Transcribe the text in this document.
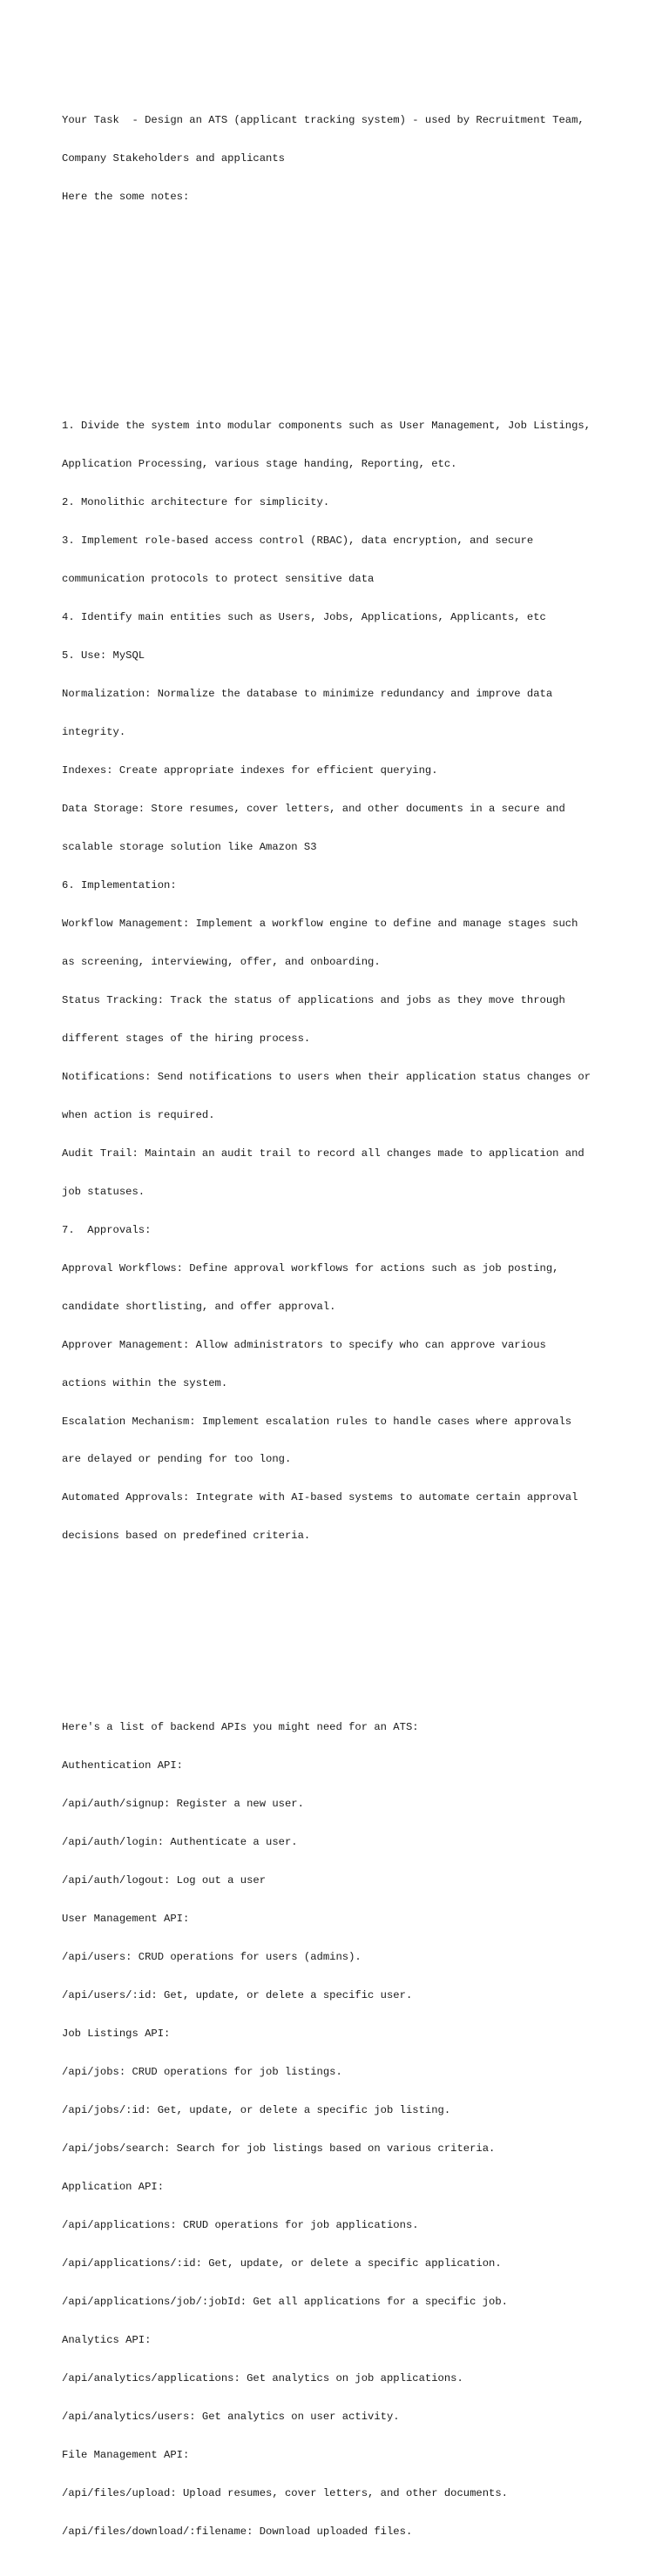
Your Task  - Design an ATS (applicant tracking system) - used by Recruitment Team,

Company Stakeholders and applicants

Here the some notes:

1. Divide the system into modular components such as User Management, Job Listings,

Application Processing, various stage handing, Reporting, etc.

2. Monolithic architecture for simplicity.

3. Implement role-based access control (RBAC), data encryption, and secure

communication protocols to protect sensitive data

4. Identify main entities such as Users, Jobs, Applications, Applicants, etc

5. Use: MySQL

Normalization: Normalize the database to minimize redundancy and improve data

integrity.

Indexes: Create appropriate indexes for efficient querying.

Data Storage: Store resumes, cover letters, and other documents in a secure and

scalable storage solution like Amazon S3

6. Implementation:

Workflow Management: Implement a workflow engine to define and manage stages such

as screening, interviewing, offer, and onboarding.

Status Tracking: Track the status of applications and jobs as they move through

different stages of the hiring process.

Notifications: Send notifications to users when their application status changes or

when action is required.

Audit Trail: Maintain an audit trail to record all changes made to application and

job statuses.

7.  Approvals:

Approval Workflows: Define approval workflows for actions such as job posting,

candidate shortlisting, and offer approval.

Approver Management: Allow administrators to specify who can approve various

actions within the system.

Escalation Mechanism: Implement escalation rules to handle cases where approvals

are delayed or pending for too long.

Automated Approvals: Integrate with AI-based systems to automate certain approval

decisions based on predefined criteria.

Here's a list of backend APIs you might need for an ATS:

Authentication API:

/api/auth/signup: Register a new user.

/api/auth/login: Authenticate a user.

/api/auth/logout: Log out a user

User Management API:

/api/users: CRUD operations for users (admins).

/api/users/:id: Get, update, or delete a specific user.

Job Listings API:

/api/jobs: CRUD operations for job listings.

/api/jobs/:id: Get, update, or delete a specific job listing.

/api/jobs/search: Search for job listings based on various criteria.

Application API:

/api/applications: CRUD operations for job applications.

/api/applications/:id: Get, update, or delete a specific application.

/api/applications/job/:jobId: Get all applications for a specific job.

Analytics API:

/api/analytics/applications: Get analytics on job applications.

/api/analytics/users: Get analytics on user activity.

File Management API:

/api/files/upload: Upload resumes, cover letters, and other documents.

/api/files/download/:filename: Download uploaded files.
